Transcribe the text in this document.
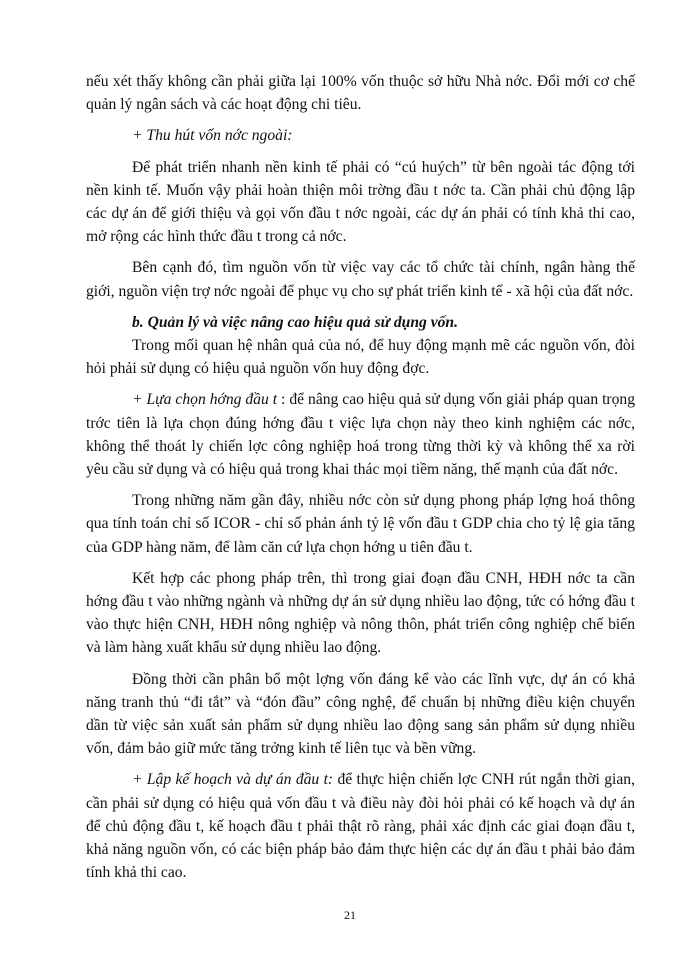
nếu xét thấy không cần phải giữa lại 100% vốn thuộc sở hữu Nhà nớc. Đổi mới cơ chế quản lý ngân sách và các hoạt động chi tiêu.

+ Thu hút vốn nớc ngoài:

Để phát triển nhanh nền kinh tế phải có “cú huých” từ bên ngoài tác động tới nền kinh tế. Muốn vậy phải hoàn thiện môi trờng đầu t nớc ta. Cần phải chủ động lập các dự án để giới thiệu và gọi vốn đầu t nớc ngoài, các dự án phải có tính khả thi cao, mở rộng các hình thức đầu t trong cả nớc.

Bên cạnh đó, tìm nguồn vốn từ việc vay các tổ chức tài chính, ngân hàng thế giới, nguồn viện trợ nớc ngoài để phục vụ cho sự phát triển kinh tế - xã hội của đất nớc.

b. Quản lý và việc nâng cao hiệu quả sử dụng vốn.

Trong mối quan hệ nhân quả của nó, để huy động mạnh mẽ các nguồn vốn, đòi hỏi phải sử dụng có hiệu quả nguồn vốn huy động đợc.

+ Lựa chọn hớng đầu t : để nâng cao hiệu quả sử dụng vốn giải pháp quan trọng trớc tiên là lựa chọn đúng hớng đầu t việc lựa chọn này theo kinh nghiệm các nớc, không thể thoát ly chiến lợc công nghiệp hoá trong từng thời kỳ và không thể xa rời yêu cầu sử dụng và có hiệu quả trong khai thác mọi tiềm năng, thế mạnh của đất nớc.

Trong những năm gần đây, nhiều nớc còn sử dụng phong pháp lợng hoá thông qua tính toán chỉ số ICOR - chỉ số phản ánh tỷ lệ vốn đầu t GDP chia cho tỷ lệ gia tăng của GDP hàng năm, để làm căn cứ lựa chọn hớng u tiên đầu t.

Kết hợp các phong pháp trên, thì trong giai đoạn đầu CNH, HĐH nớc ta cần hớng đầu t vào những ngành và những dự án sử dụng nhiều lao động, tức có hớng đầu t vào thực hiện CNH, HĐH nông nghiệp và nông thôn, phát triển công nghiệp chế biến và làm hàng xuất khẩu sử dụng nhiều lao động.

Đồng thời cần phân bổ một lợng vốn đáng kể vào các lĩnh vực, dự án có khả năng tranh thủ “đi tắt” và “đón đầu” công nghệ, để chuẩn bị những điều kiện chuyển dần từ việc sản xuất sản phẩm sử dụng nhiều lao động sang sản phẩm sử dụng nhiều vốn, đảm bảo giữ mức tăng trởng kinh tế liên tục và bền vững.

+ Lập kế hoạch và dự án đầu t: để thực hiện chiến lợc CNH rút ngắn thời gian, cần phải sử dụng có hiệu quả vốn đầu t và điều này đòi hỏi phải có kế hoạch và dự án để chủ động đầu t, kế hoạch đầu t phải thật rõ ràng, phải xác định các giai đoạn đầu t, khả năng nguồn vốn, có các biện pháp bảo đảm thực hiện các dự án đầu t phải bảo đảm tính khả thi cao.

21
